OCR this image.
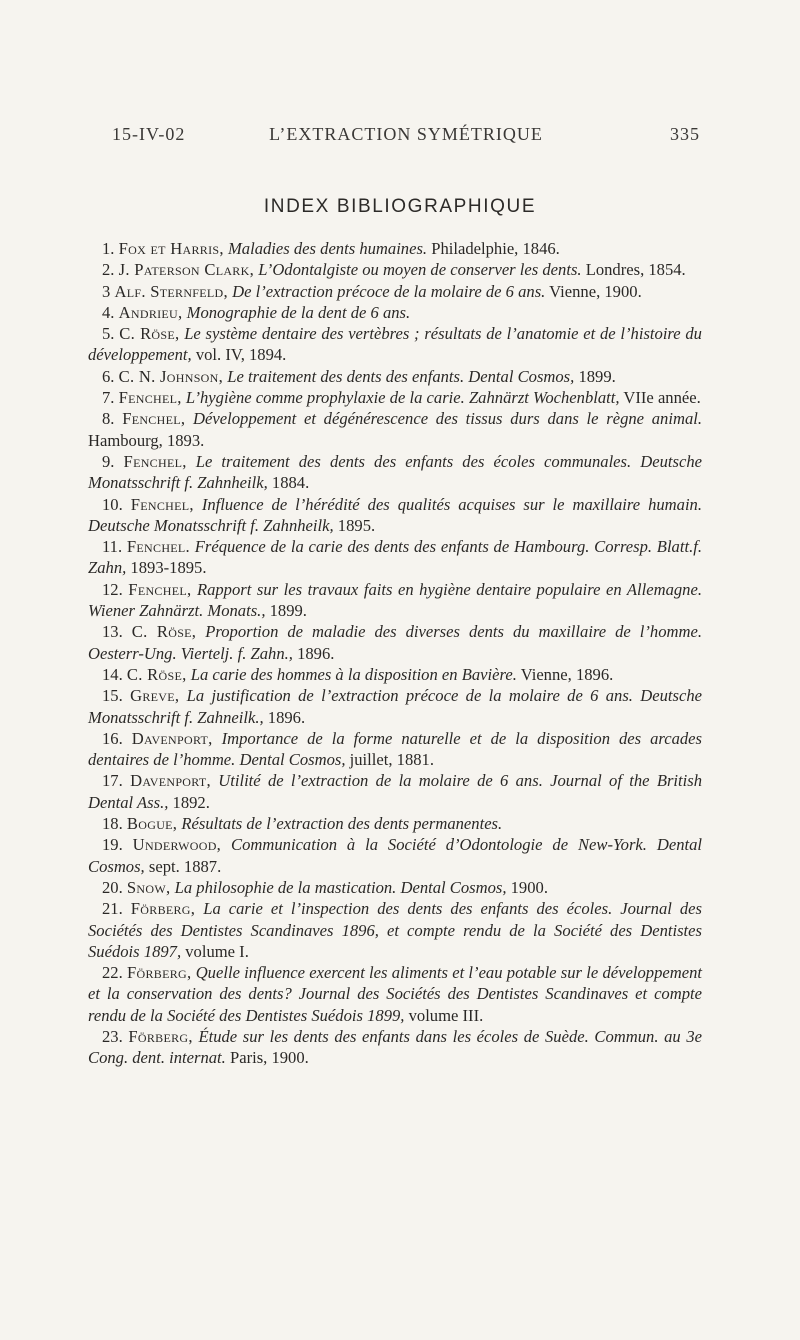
15-IV-02	L’EXTRACTION SYMÉTRIQUE	335
INDEX BIBLIOGRAPHIQUE
1. Fox et Harris, Maladies des dents humaines. Philadelphie, 1846.
2. J. Paterson Clark, L’Odontalgiste ou moyen de conserver les dents. Londres, 1854.
3 Alf. Sternfeld, De l’extraction précoce de la molaire de 6 ans. Vienne, 1900.
4. Andrieu, Monographie de la dent de 6 ans.
5. C. Röse, Le système dentaire des vertèbres ; résultats de l’anatomie et de l’histoire du développement, vol. IV, 1894.
6. C. N. Johnson, Le traitement des dents des enfants. Dental Cosmos, 1899.
7. Fenchel, L’hygiène comme prophylaxie de la carie. Zahnärzt Wochenblatt, VIIe année.
8. Fenchel, Développement et dégénérescence des tissus durs dans le règne animal. Hambourg, 1893.
9. Fenchel, Le traitement des dents des enfants des écoles communales. Deutsche Monatsschrift f. Zahnheilk, 1884.
10. Fenchel, Influence de l’hérédité des qualités acquises sur le maxillaire humain. Deutsche Monatsschrift f. Zahnheilk, 1895.
11. Fenchel. Fréquence de la carie des dents des enfants de Hambourg. Corresp. Blatt.f. Zahn, 1893-1895.
12. Fenchel, Rapport sur les travaux faits en hygiène dentaire populaire en Allemagne. Wiener Zahnärzt. Monats., 1899.
13. C. Röse, Proportion de maladie des diverses dents du maxillaire de l’homme. Oesterr-Ung. Viertelj. f. Zahn., 1896.
14. C. Röse, La carie des hommes à la disposition en Bavière. Vienne, 1896.
15. Greve, La justification de l’extraction précoce de la molaire de 6 ans. Deutsche Monatsschrift f. Zahneilk., 1896.
16. Davenport, Importance de la forme naturelle et de la disposition des arcades dentaires de l’homme. Dental Cosmos, juillet, 1881.
17. Davenport, Utilité de l’extraction de la molaire de 6 ans. Journal of the British Dental Ass., 1892.
18. Bogue, Résultats de l’extraction des dents permanentes.
19. Underwood, Communication à la Société d’Odontologie de New-York. Dental Cosmos, sept. 1887.
20. Snow, La philosophie de la mastication. Dental Cosmos, 1900.
21. Förberg, La carie et l’inspection des dents des enfants des écoles. Journal des Sociétés des Dentistes Scandinaves 1896, et compte rendu de la Société des Dentistes Suédois 1897, volume I.
22. Förberg, Quelle influence exercent les aliments et l’eau potable sur le développement et la conservation des dents? Journal des Sociétés des Dentistes Scandinaves et compte rendu de la Société des Dentistes Suédois 1899, volume III.
23. Förberg, Étude sur les dents des enfants dans les écoles de Suède. Commun. au 3e Cong. dent. internat. Paris, 1900.
